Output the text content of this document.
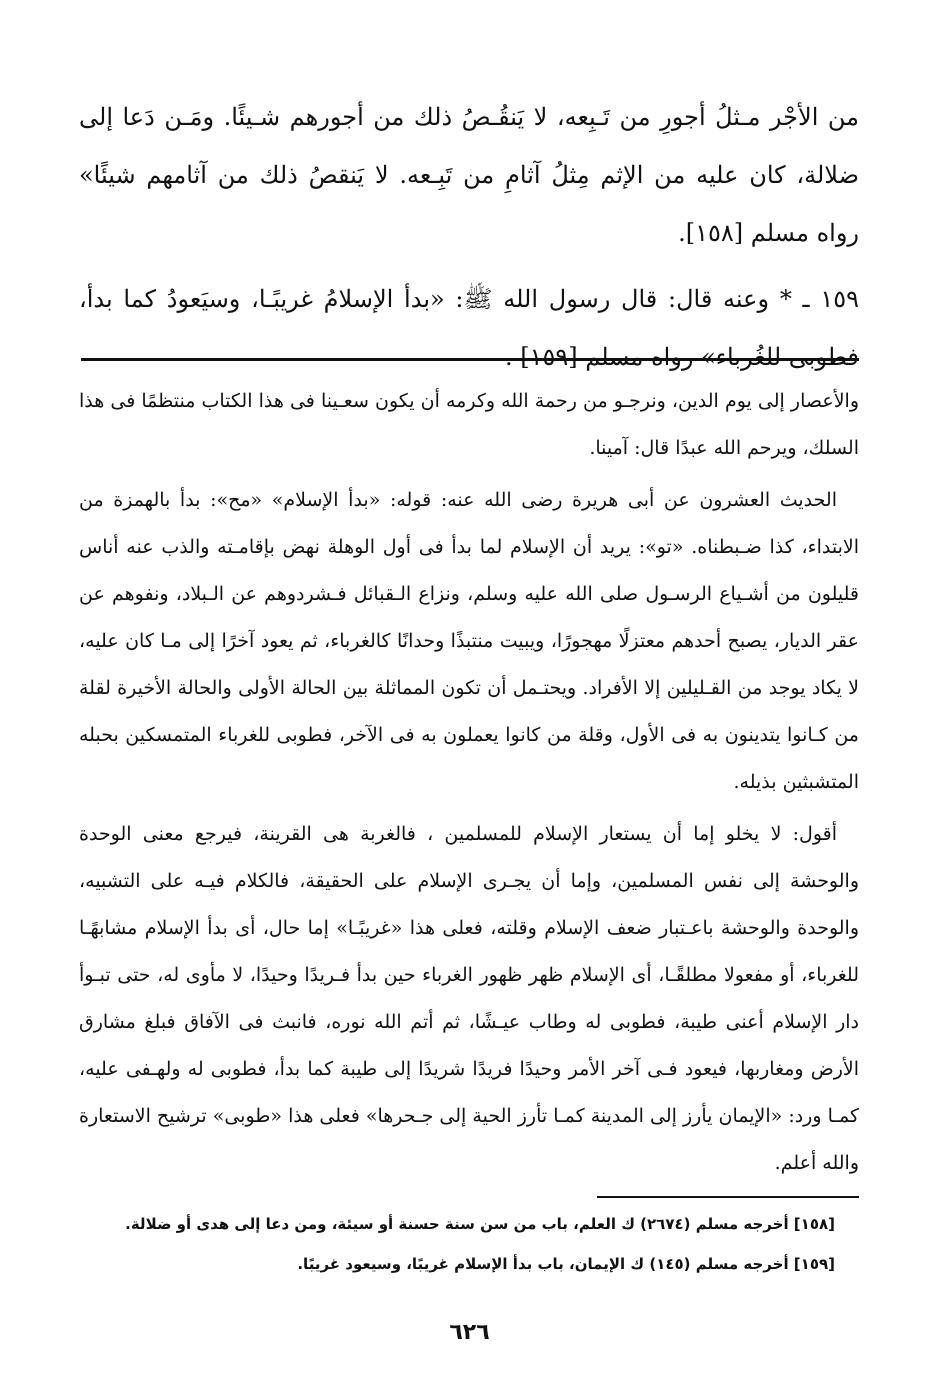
من الأجْر مـثلُ أجورِ من تَـبِعه، لا يَنقُـصُ ذلك من أجورهم شـيئًا. ومَـن دَعا إلى ضلالة، كان عليه من الإثم مِثلُ آثامِ من تَبِـعه. لا يَنقصُ ذلك من آثامهم شيئًا» رواه مسلم [١٥٨].

١٥٩ ـ * وعنه قال: قال رسول الله ﷺ: «بدأ الإسلامُ غريبًـا، وسيَعودُ كما بدأ، فطوبى للغُرباء» رواه مسلم [١٥٩] .

والأعصار إلى يوم الدين، ونرجـو من رحمة الله وكرمه أن يكون سعـينا فى هذا الكتاب منتظمًا فى هذا السلك، ويرحم الله عبدًا قال: آمينا.

الحديث العشرون عن أبى هريرة رضى الله عنه: قوله: «بدأ الإسلام» «مح»: بدأ بالهمزة من الابتداء، كذا ضـبطناه. «تو»: يريد أن الإسلام لما بدأ فى أول الوهلة نهض بإقامـته والذب عنه أناس قليلون من أشـياع الرسـول صلى الله عليه وسلم، ونزاع الـقبائل فـشردوهم عن الـبلاد، ونفوهم عن عقر الديار، يصبح أحدهم معتزلًا مهجورًا، ويبيت منتبذًا وحدانًا كالغرباء، ثم يعود آخرًا إلى مـا كان عليه، لا يكاد يوجد من القـليلين إلا الأفراد. ويحتـمل أن تكون المماثلة بين الحالة الأولى والحالة الأخيرة لقلة من كـانوا يتدينون به فى الأول، وقلة من كانوا يعملون به فى الآخر، فطوبى للغرباء المتمسكين بحبله المتشبثين بذيله.

أقول: لا يخلو إما أن يستعار الإسلام للمسلمين ، فالغربة هى القرينة، فيرجع معنى الوحدة والوحشة إلى نفس المسلمين، وإما أن يجـرى الإسلام على الحقيقة، فالكلام فيـه على التشبيه، والوحدة والوحشة باعـتبار ضعف الإسلام وقلته، فعلى هذا «غريبًـا» إما حال، أى بدأ الإسلام مشابهًـا للغرباء، أو مفعولا مطلقًـا، أى الإسلام ظهر ظهور الغرباء حين بدأ فـريدًا وحيدًا، لا مأوى له، حتى تبـوأ دار الإسلام أعنى طيبة، فطوبى له وطاب عيـشًا، ثم أتم الله نوره، فانبث فى الآفاق فبلغ مشارق الأرض ومغاربها، فيعود فـى آخر الأمر وحيدًا فريدًا شريدًا إلى طيبة كما بدأ، فطوبى له ولهـفى عليه، كمـا ورد: «الإيمان يأرز إلى المدينة كمـا تأرز الحية إلى جـحرها» فعلى هذا «طوبى» ترشيح الاستعارة والله أعلم.

[١٥٨] أخرجه مسلم (٢٦٧٤) ك العلم، باب من سن سنة حسنة أو سيئة، ومن دعا إلى هدى أو ضلالة.

[١٥٩] أخرجه مسلم (١٤٥) ك الإيمان، باب بدأ الإسلام غريبًا، وسيعود غريبًا.

٦٢٦
